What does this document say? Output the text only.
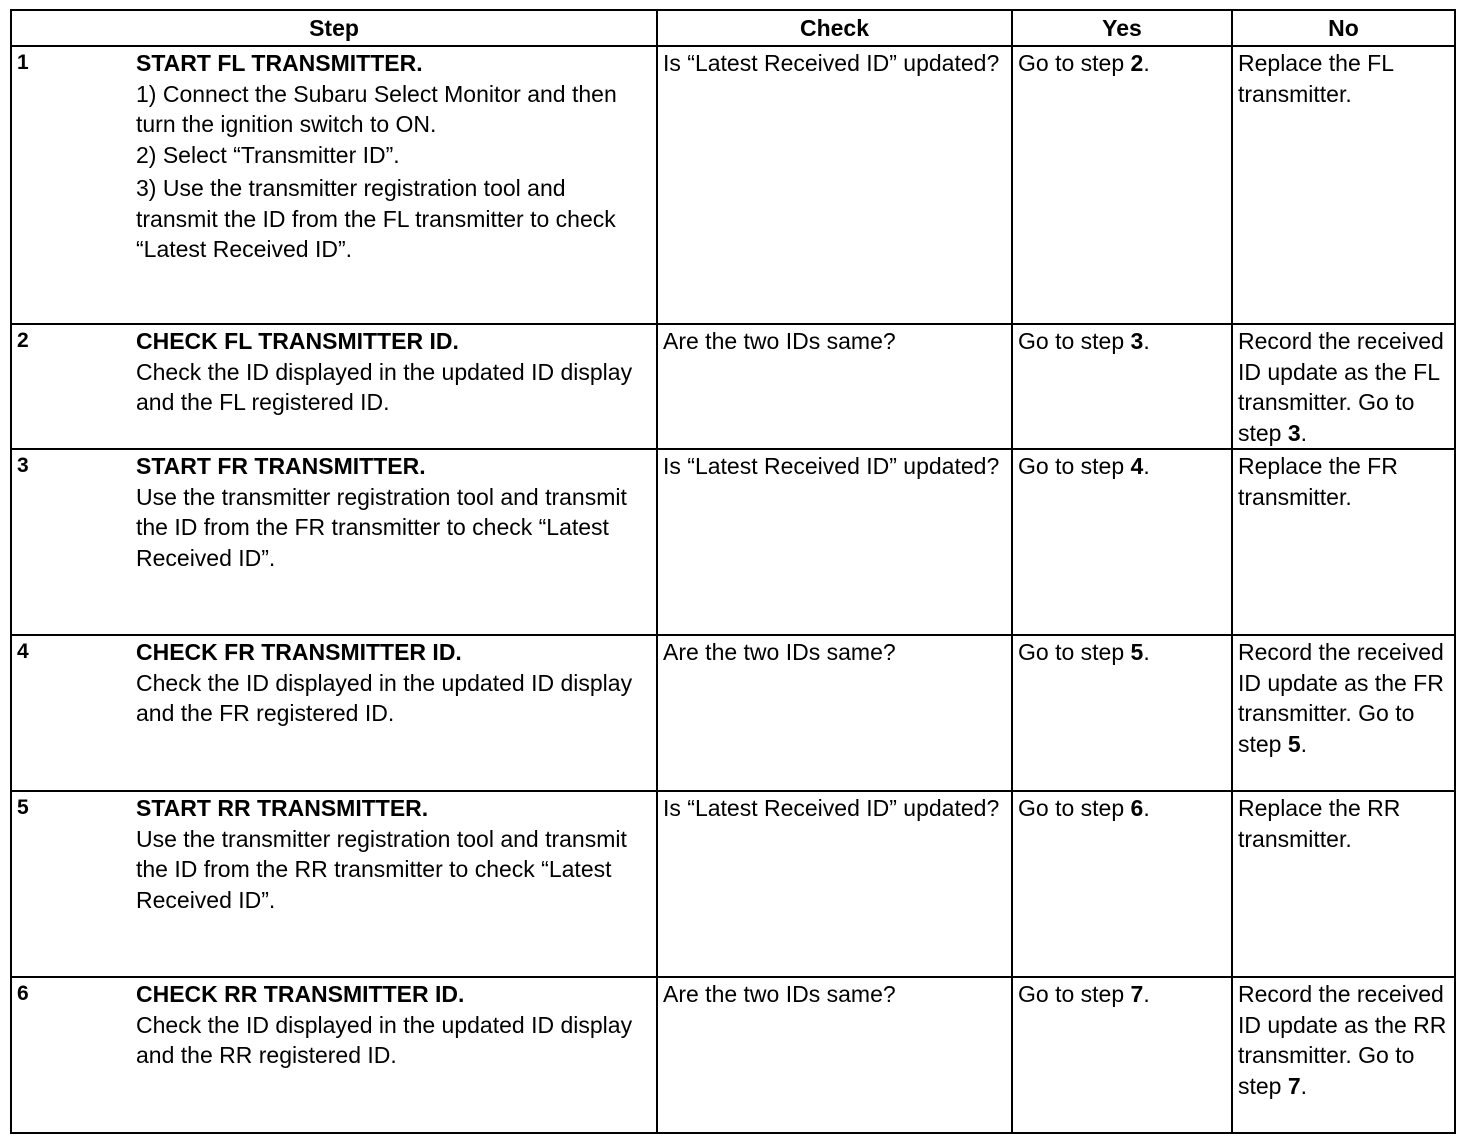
Step	Check	Yes	No

1 START FL TRANSMITTER.
1) Connect the Subaru Select Monitor and then turn the ignition switch to ON.
2) Select “Transmitter ID”.
3) Use the transmitter registration tool and transmit the ID from the FL transmitter to check “Latest Received ID”.	Is “Latest Received ID” updated?	Go to step 2.	Replace the FL transmitter.

2 CHECK FL TRANSMITTER ID.
Check the ID displayed in the updated ID display and the FL registered ID.	Are the two IDs same?	Go to step 3.	Record the received ID update as the FL transmitter. Go to step 3.

3 START FR TRANSMITTER.
Use the transmitter registration tool and transmit the ID from the FR transmitter to check “Latest Received ID”.	Is “Latest Received ID” updated?	Go to step 4.	Replace the FR transmitter.

4 CHECK FR TRANSMITTER ID.
Check the ID displayed in the updated ID display and the FR registered ID.	Are the two IDs same?	Go to step 5.	Record the received ID update as the FR transmitter. Go to step 5.

5 START RR TRANSMITTER.
Use the transmitter registration tool and transmit the ID from the RR transmitter to check “Latest Received ID”.	Is “Latest Received ID” updated?	Go to step 6.	Replace the RR transmitter.

6 CHECK RR TRANSMITTER ID.
Check the ID displayed in the updated ID display and the RR registered ID.	Are the two IDs same?	Go to step 7.	Record the received ID update as the RR transmitter. Go to step 7.
